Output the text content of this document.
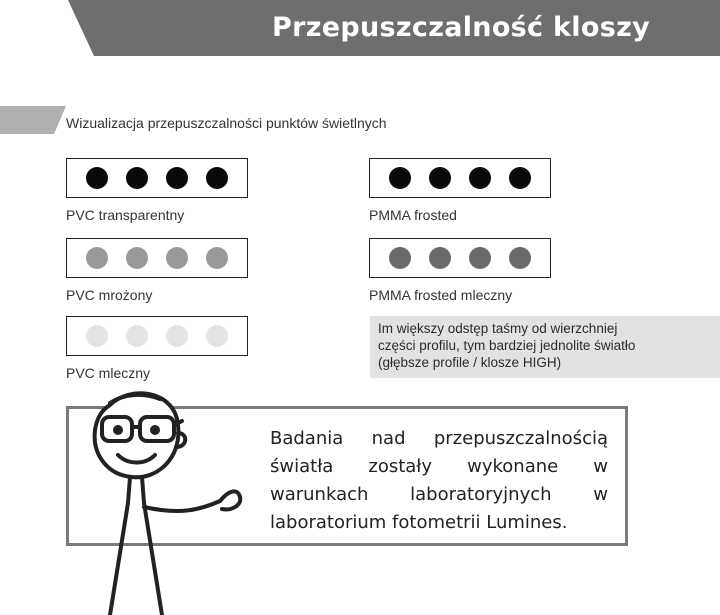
Przepuszczalność kloszy
Wizualizacja przepuszczalności punktów świetlnych
PVC transparentny	PMMA frosted
PVC mrożony	PMMA frosted mleczny
PVC mleczny
Im większy odstęp taśmy od wierzchniej
części profilu, tym bardziej jednolite światło
(głębsze profile / klosze HIGH)
Badania nad przepuszczalnością światła zostały wykonane w warunkach laboratoryjnych w laboratorium fotometrii Lumines.
